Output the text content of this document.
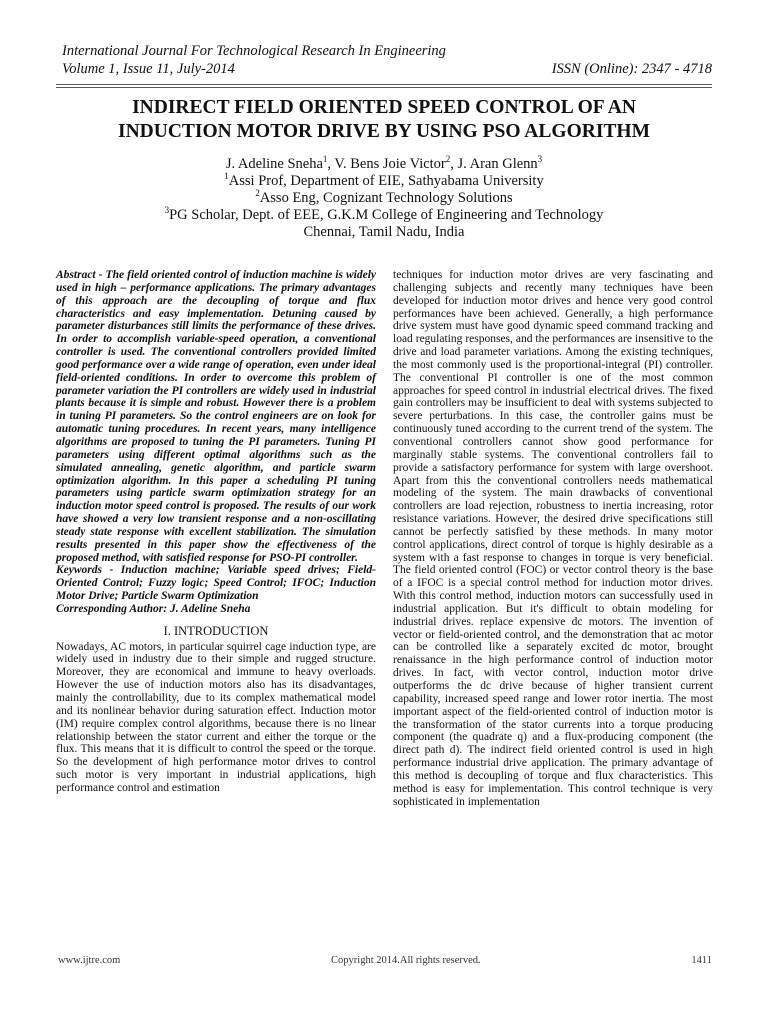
International Journal For Technological Research In Engineering
Volume 1, Issue 11, July-2014	ISSN (Online): 2347 - 4718
INDIRECT FIELD ORIENTED SPEED CONTROL OF AN
INDUCTION MOTOR DRIVE BY USING PSO ALGORITHM
J. Adeline Sneha$^1$, V. Bens Joie Victor$^2$, J. Aran Glenn$^3$
$^1$Assi Prof, Department of EIE, Sathyabama University
$^2$Asso Eng, Cognizant Technology Solutions
$^3$PG Scholar, Dept. of EEE, G.K.M College of Engineering and Technology
Chennai, Tamil Nadu, India

Abstract - The field oriented control of induction machine is widely used in high – performance applications. The primary advantages of this approach are the decoupling of torque and flux characteristics and easy implementation. Detuning caused by parameter disturbances still limits the performance of these drives. In order to accomplish variable-speed operation, a conventional controller is used. The conventional controllers provided limited good performance over a wide range of operation, even under ideal field-oriented conditions. In order to overcome this problem of parameter variation the PI controllers are widely used in industrial plants because it is simple and robust. However there is a problem in tuning PI parameters. So the control engineers are on look for automatic tuning procedures. In recent years, many intelligence algorithms are proposed to tuning the PI parameters. Tuning PI parameters using different optimal algorithms such as the simulated annealing, genetic algorithm, and particle swarm optimization algorithm. In this paper a scheduling PI tuning parameters using particle swarm optimization strategy for an induction motor speed control is proposed. The results of our work have showed a very low transient response and a non-oscillating steady state response with excellent stabilization. The simulation results presented in this paper show the effectiveness of the proposed method, with satisfied response for PSO-PI controller.

Keywords - Induction machine; Variable speed drives; Field-Oriented Control; Fuzzy logic; Speed Control; IFOC; Induction Motor Drive; Particle Swarm Optimization

Corresponding Author: J. Adeline Sneha

I. INTRODUCTION

Nowadays, AC motors, in particular squirrel cage induction type, are widely used in industry due to their simple and rugged structure. Moreover, they are economical and immune to heavy overloads. However the use of induction motors also has its disadvantages, mainly the controllability, due to its complex mathematical model and its nonlinear behavior during saturation effect. Induction motor (IM) require complex control algorithms, because there is no linear relationship between the stator current and either the torque or the flux. This means that it is difficult to control the speed or the torque. So the development of high performance motor drives to control such motor is very important in industrial applications, high performance control and estimation

techniques for induction motor drives are very fascinating and challenging subjects and recently many techniques have been developed for induction motor drives and hence very good control performances have been achieved. Generally, a high performance drive system must have good dynamic speed command tracking and load regulating responses, and the performances are insensitive to the drive and load parameter variations. Among the existing techniques, the most commonly used is the proportional-integral (PI) controller. The conventional PI controller is one of the most common approaches for speed control in industrial electrical drives. The fixed gain controllers may be insufficient to deal with systems subjected to severe perturbations. In this case, the controller gains must be continuously tuned according to the current trend of the system. The conventional controllers cannot show good performance for marginally stable systems. The conventional controllers fail to provide a satisfactory performance for system with large overshoot. Apart from this the conventional controllers needs mathematical modeling of the system. The main drawbacks of conventional controllers are load rejection, robustness to inertia increasing, rotor resistance variations. However, the desired drive specifications still cannot be perfectly satisfied by these methods. In many motor control applications, direct control of torque is highly desirable as a system with a fast response to changes in torque is very beneficial. The field oriented control (FOC) or vector control theory is the base of a IFOC is a special control method for induction motor drives. With this control method, induction motors can successfully used in industrial application. But it's difficult to obtain modeling for industrial drives. replace expensive dc motors. The invention of vector or field-oriented control, and the demonstration that ac motor can be controlled like a separately excited dc motor, brought renaissance in the high performance control of induction motor drives. In fact, with vector control, induction motor drive outperforms the dc drive because of higher transient current capability, increased speed range and lower rotor inertia. The most important aspect of the field-oriented control of induction motor is the transformation of the stator currents into a torque producing component (the quadrate q) and a flux-producing component (the direct path d). The indirect field oriented control is used in high performance industrial drive application. The primary advantage of this method is decoupling of torque and flux characteristics. This method is easy for implementation. This control technique is very sophisticated in implementation

www.ijtre.com	Copyright 2014.All rights reserved.	1411
